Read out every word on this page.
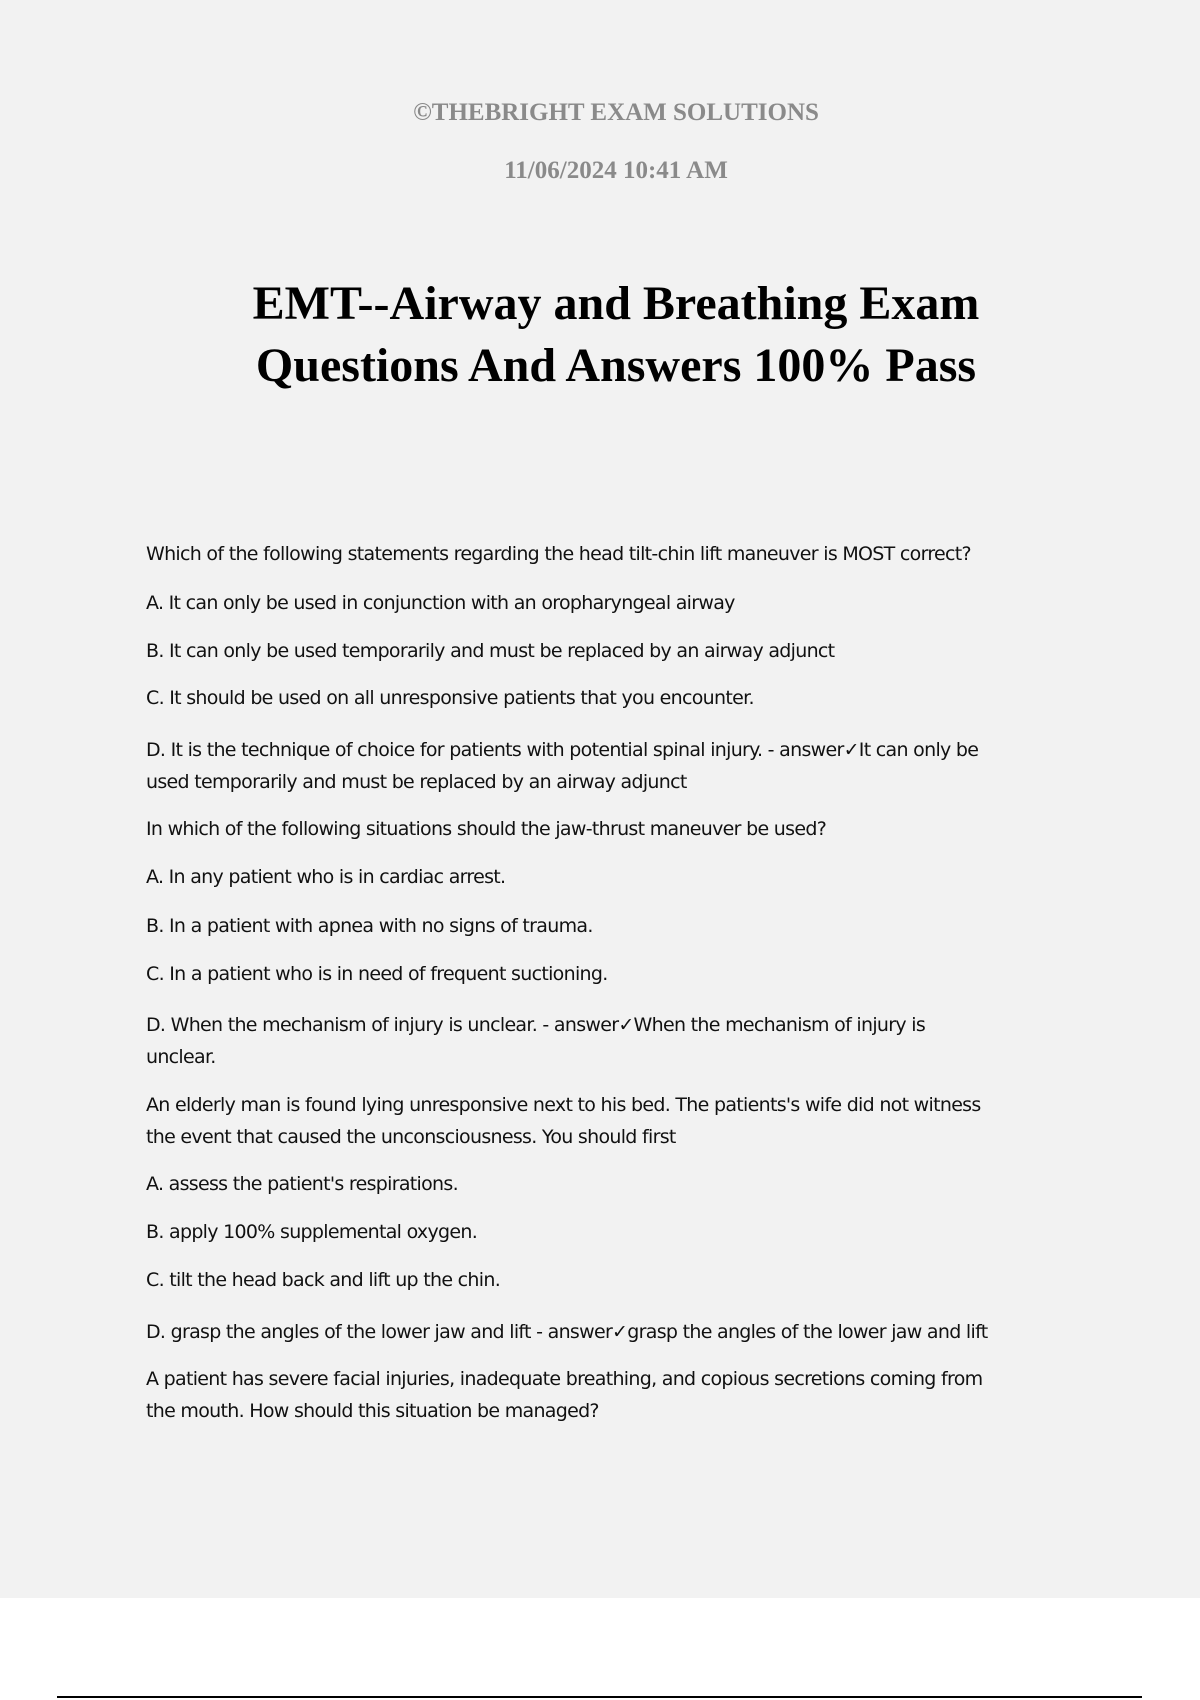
©THEBRIGHT EXAM SOLUTIONS
11/06/2024 10:41 AM
EMT--Airway and Breathing Exam
Questions And Answers 100% Pass
Which of the following statements regarding the head tilt-chin lift maneuver is MOST correct?
A. It can only be used in conjunction with an oropharyngeal airway
B. It can only be used temporarily and must be replaced by an airway adjunct
C. It should be used on all unresponsive patients that you encounter.
D. It is the technique of choice for patients with potential spinal injury. - answer✓It can only be
used temporarily and must be replaced by an airway adjunct
In which of the following situations should the jaw-thrust maneuver be used?
A. In any patient who is in cardiac arrest.
B. In a patient with apnea with no signs of trauma.
C. In a patient who is in need of frequent suctioning.
D. When the mechanism of injury is unclear. - answer✓When the mechanism of injury is
unclear.
An elderly man is found lying unresponsive next to his bed. The patients's wife did not witness
the event that caused the unconsciousness. You should first
A. assess the patient's respirations.
B. apply 100% supplemental oxygen.
C. tilt the head back and lift up the chin.
D. grasp the angles of the lower jaw and lift - answer✓grasp the angles of the lower jaw and lift
A patient has severe facial injuries, inadequate breathing, and copious secretions coming from
the mouth. How should this situation be managed?
